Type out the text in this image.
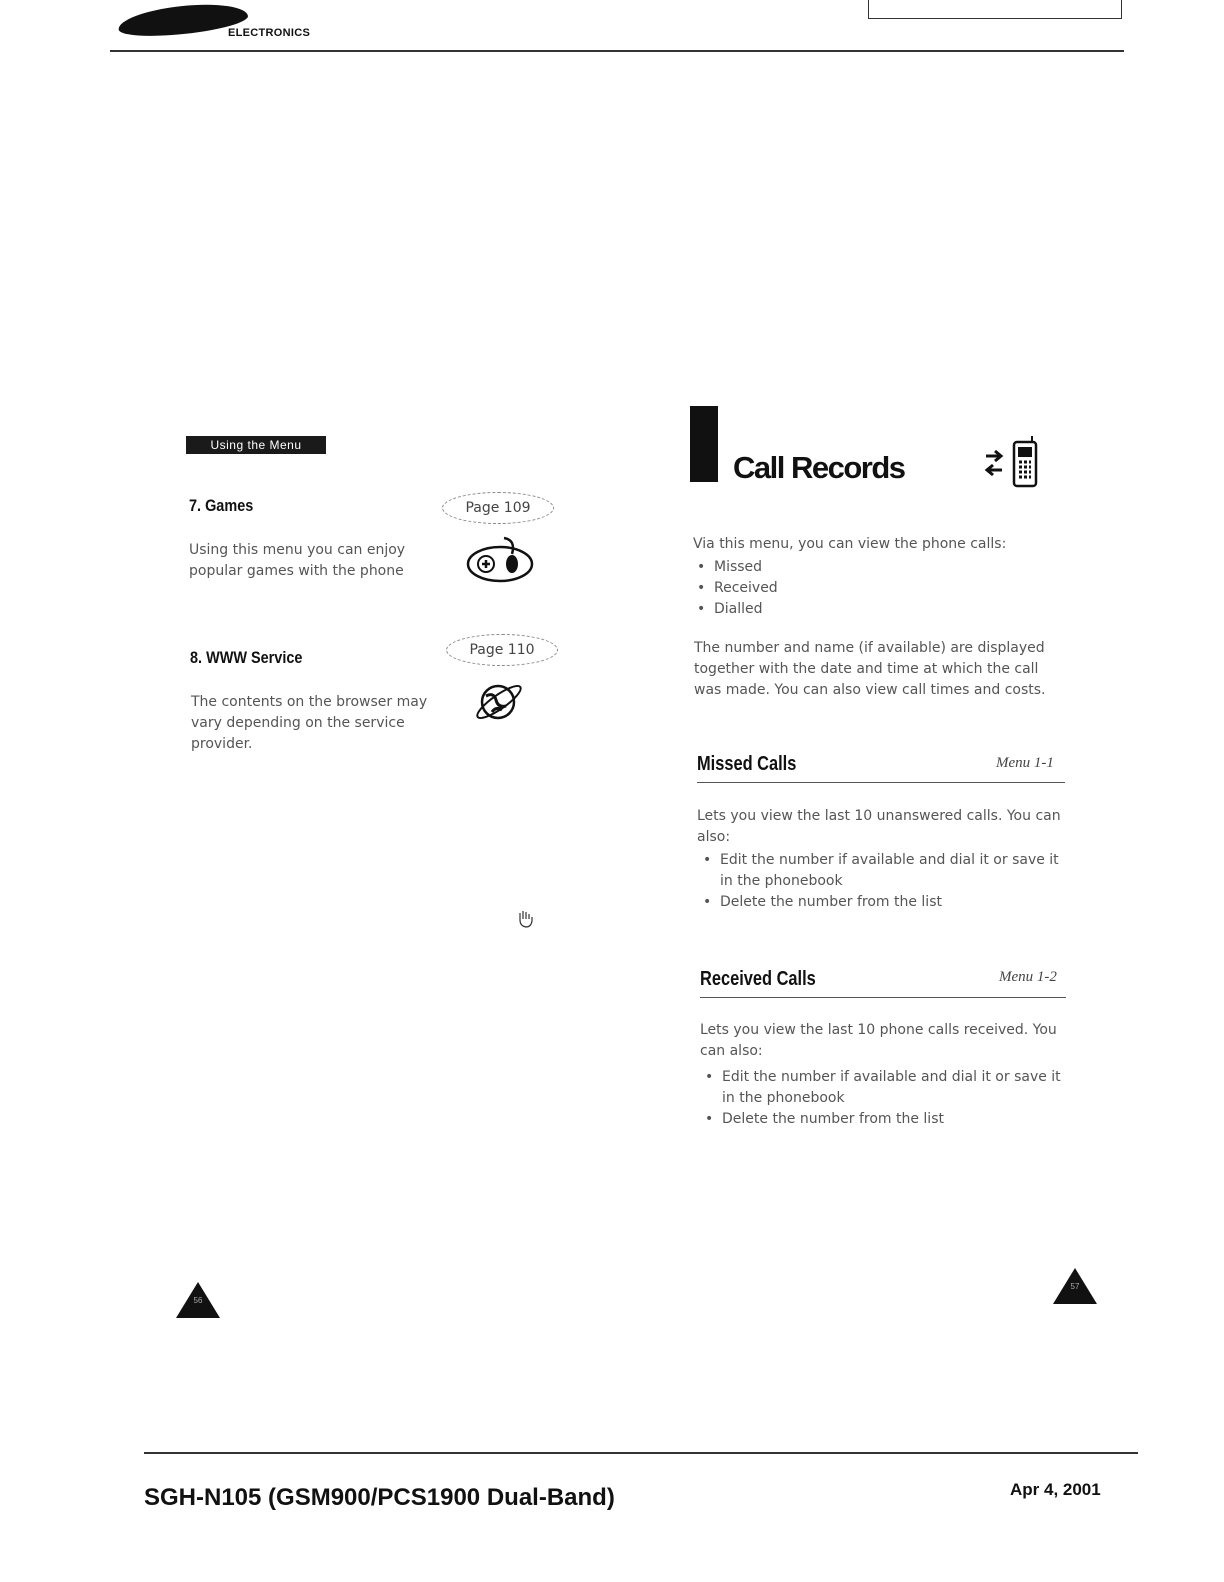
ELECTRONICS
Using the Menu
7. Games	Page 109
Using this menu you can enjoy popular games with the phone
8. WWW Service	Page 110
The contents on the browser may vary depending on the service provider.
56
Call Records
Via this menu, you can view the phone calls:
• Missed
• Received
• Dialled
The number and name (if available) are displayed together with the date and time at which the call was made. You can also view call times and costs.
Missed Calls	Menu 1-1
Lets you view the last 10 unanswered calls. You can also:
• Edit the number if available and dial it or save it in the phonebook
• Delete the number from the list
Received Calls	Menu 1-2
Lets you view the last 10 phone calls received. You can also:
• Edit the number if available and dial it or save it in the phonebook
• Delete the number from the list
57
SGH-N105 (GSM900/PCS1900 Dual-Band)	Apr 4, 2001
